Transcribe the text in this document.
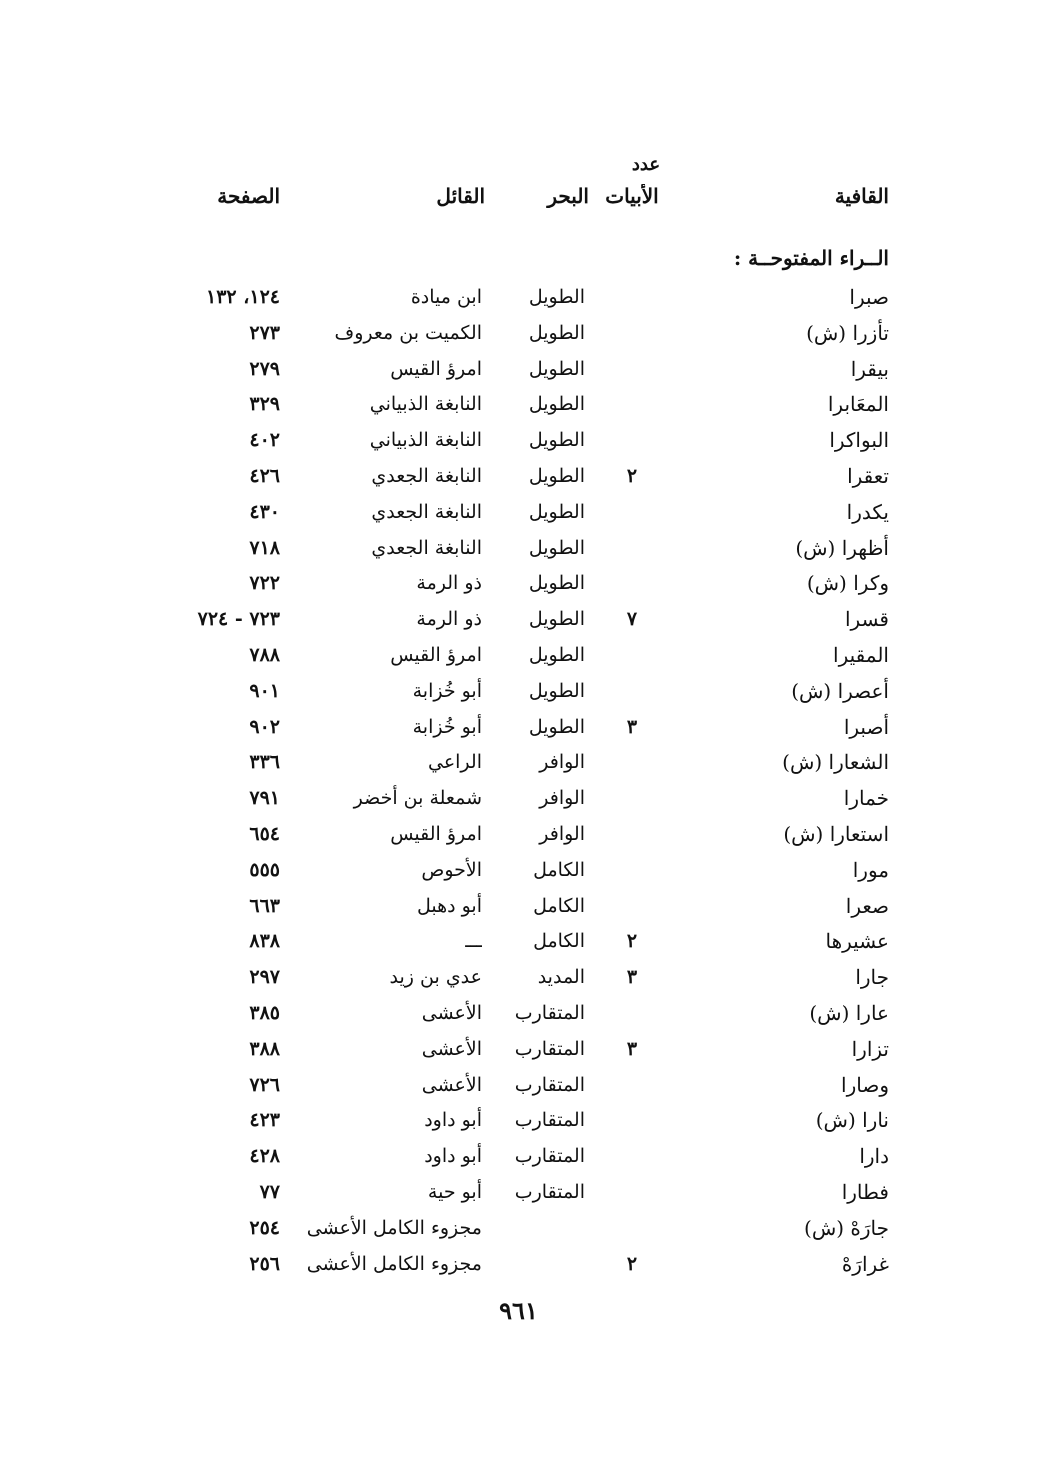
عدد
القافية
الأبيات
البحر
القائل
الصفحة
الــراء المفتوحــة :
صبرا
الطويل
ابن ميادة
١٢٤، ١٣٢
تأزرا (ش)
الطويل
الكميت بن معروف
٢٧٣
بيقرا
الطويل
امرؤ القيس
٢٧٩
المعَابرا
الطويل
النابغة الذبياني
٣٢٩
البواكرا
الطويل
النابغة الذبياني
٤٠٢
تعقرا
٢
الطويل
النابغة الجعدي
٤٢٦
يكدرا
الطويل
النابغة الجعدي
٤٣٠
أظهرا (ش)
الطويل
النابغة الجعدي
٧١٨
وكرا (ش)
الطويل
ذو الرمة
٧٢٢
قسرا
٧
الطويل
ذو الرمة
٧٢٣ - ٧٢٤
المقيرا
الطويل
امرؤ القيس
٧٨٨
أعصرا (ش)
الطويل
أبو خُزابة
٩٠١
أصبرا
٣
الطويل
أبو خُزابة
٩٠٢
الشعارا (ش)
الوافر
الراعي
٣٣٦
خمارا
الوافر
شمعلة بن أخضر
٧٩١
استعارا (ش)
الوافر
امرؤ القيس
٦٥٤
مورا
الكامل
الأحوص
٥٥٥
صعرا
الكامل
أبو دهبل
٦٦٣
عشيرها
٢
الكامل
ـــ
٨٣٨
جارا
٣
المديد
عدي بن زيد
٢٩٧
عارا (ش)
المتقارب
الأعشى
٣٨٥
تزارا
٣
المتقارب
الأعشى
٣٨٨
وصارا
المتقارب
الأعشى
٧٢٦
نارا (ش)
المتقارب
أبو داود
٤٢٣
دارا
المتقارب
أبو داود
٤٢٨
فطارا
المتقارب
أبو حية
٧٧
جارَهْ (ش)
مجزوء الكامل الأعشى
٢٥٤
غرارَهْ
٢
مجزوء الكامل الأعشى
٢٥٦
٩٦١
